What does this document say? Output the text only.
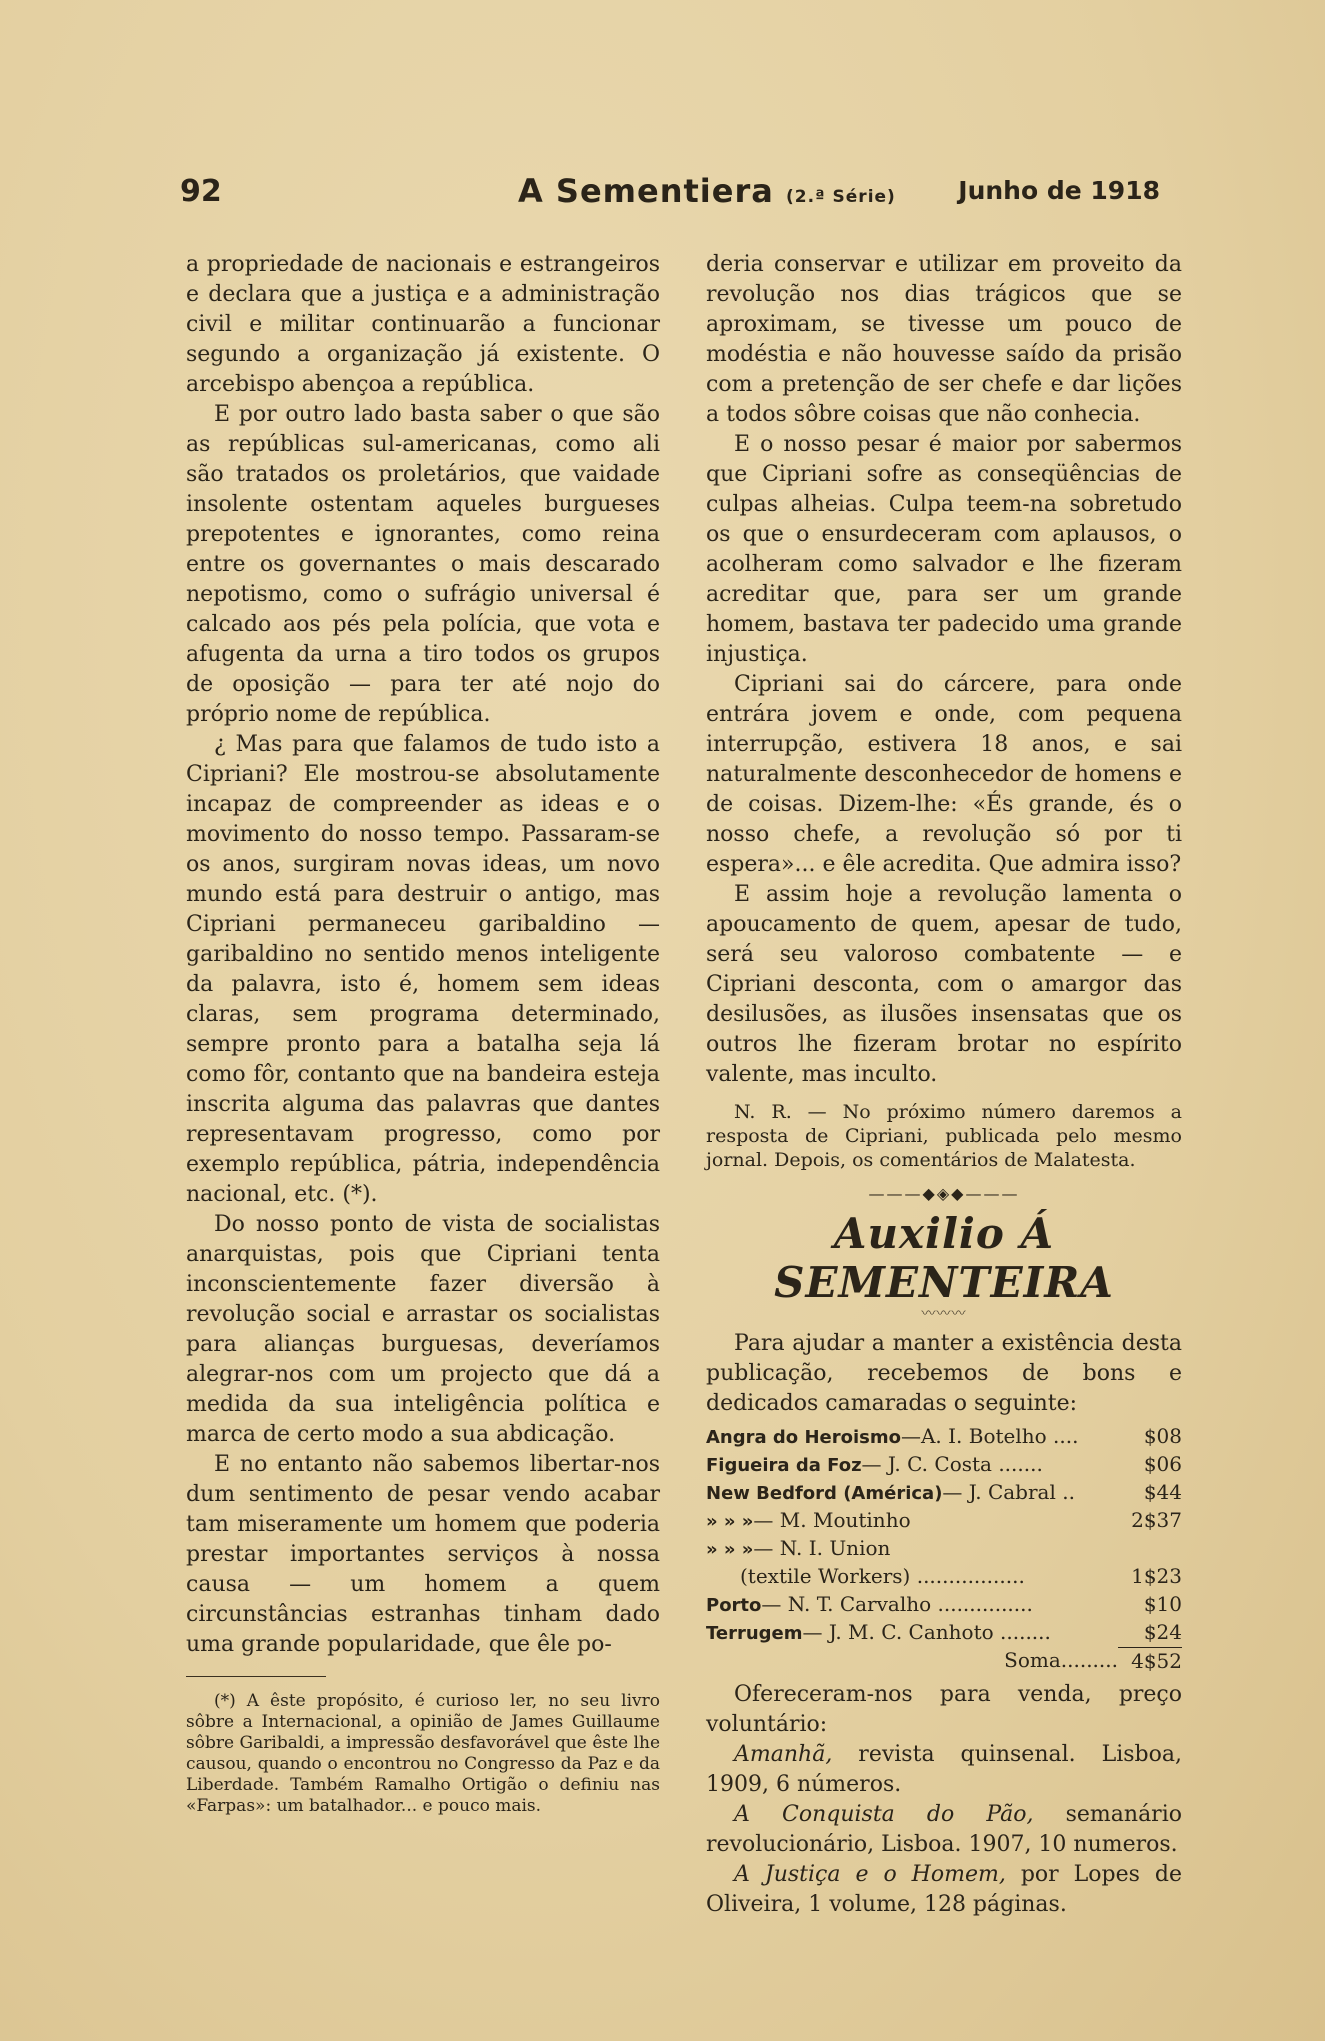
92	A Sementiera (2.ª Série) Junho de 1918

a propriedade de nacionais e estrangeiros e declara que a justiça e a administração civil e militar continuarão a funcionar segundo a organização já existente. O arcebispo abençoa a república.

E por outro lado basta saber o que são as repúblicas sul-americanas, como ali são tratados os proletários, que vaidade insolente ostentam aqueles burgueses prepotentes e ignorantes, como reina entre os governantes o mais descarado nepotismo, como o sufrágio universal é calcado aos pés pela polícia, que vota e afugenta da urna a tiro todos os grupos de oposição — para ter até nojo do próprio nome de república.

¿ Mas para que falamos de tudo isto a Cipriani? Ele mostrou-se absolutamente incapaz de compreender as ideas e o movimento do nosso tempo. Passaram-se os anos, surgiram novas ideas, um novo mundo está para destruir o antigo, mas Cipriani permaneceu garibaldino — garibaldino no sentido menos inteligente da palavra, isto é, homem sem ideas claras, sem programa determinado, sempre pronto para a batalha seja lá como fôr, contanto que na bandeira esteja inscrita alguma das palavras que dantes representavam progresso, como por exemplo república, pátria, independência nacional, etc. (*).

Do nosso ponto de vista de socialistas anarquistas, pois que Cipriani tenta inconscientemente fazer diversão à revolução social e arrastar os socialistas para alianças burguesas, deveríamos alegrar-nos com um projecto que dá a medida da sua inteligência política e marca de certo modo a sua abdicação.

E no entanto não sabemos libertar-nos dum sentimento de pesar vendo acabar tam miseramente um homem que poderia prestar importantes serviços à nossa causa — um homem a quem circunstâncias estranhas tinham dado uma grande popularidade, que êle po-

(*) A êste propósito, é curioso ler, no seu livro sôbre a Internacional, a opinião de James Guillaume sôbre Garibaldi, a impressão desfavorável que êste lhe causou, quando o encontrou no Congresso da Paz e da Liberdade. Também Ramalho Ortigão o definiu nas «Farpas»: um batalhador... e pouco mais.

deria conservar e utilizar em proveito da revolução nos dias trágicos que se aproximam, se tivesse um pouco de modéstia e não houvesse saído da prisão com a pretenção de ser chefe e dar lições a todos sôbre coisas que não conhecia.

E o nosso pesar é maior por sabermos que Cipriani sofre as conseqüências de culpas alheias. Culpa teem-na sobretudo os que o ensurdeceram com aplausos, o acolheram como salvador e lhe fizeram acreditar que, para ser um grande homem, bastava ter padecido uma grande injustiça.

Cipriani sai do cárcere, para onde entrára jovem e onde, com pequena interrupção, estivera 18 anos, e sai naturalmente desconhecedor de homens e de coisas. Dizem-lhe: «És grande, és o nosso chefe, a revolução só por ti espera»... e êle acredita. Que admira isso?

E assim hoje a revolução lamenta o apoucamento de quem, apesar de tudo, será seu valoroso combatente — e Cipriani desconta, com o amargor das desilusões, as ilusões insensatas que os outros lhe fizeram brotar no espírito valente, mas inculto.

N. R. — No próximo número daremos a resposta de Cipriani, publicada pelo mesmo jornal. Depois, os comentários de Malatesta.

———◆◈◆———
Auxilio Á SEMENTEIRA
〰〰〰

Para ajudar a manter a existência desta publicação, recebemos de bons e dedicados camaradas o seguinte:

Angra do Heroismo—A. I. Botelho ....	$08
Figueira da Foz— J. C. Costa .......	$06
New Bedford (América)— J. Cabral ..	$44
» » »— M. Moutinho	2$37
» » »— N. I. Union	
(textile Workers) .................	1$23
Porto— N. T. Carvalho ...............	$10
Terrugem— J. M. C. Canhoto ........	$24
Soma.........	4$52

Ofereceram-nos para venda, preço voluntário:

Amanhã, revista quinsenal. Lisboa, 1909, 6 números.

A Conquista do Pão, semanário revolucionário, Lisboa. 1907, 10 numeros.

A Justiça e o Homem, por Lopes de Oliveira, 1 volume, 128 páginas.
